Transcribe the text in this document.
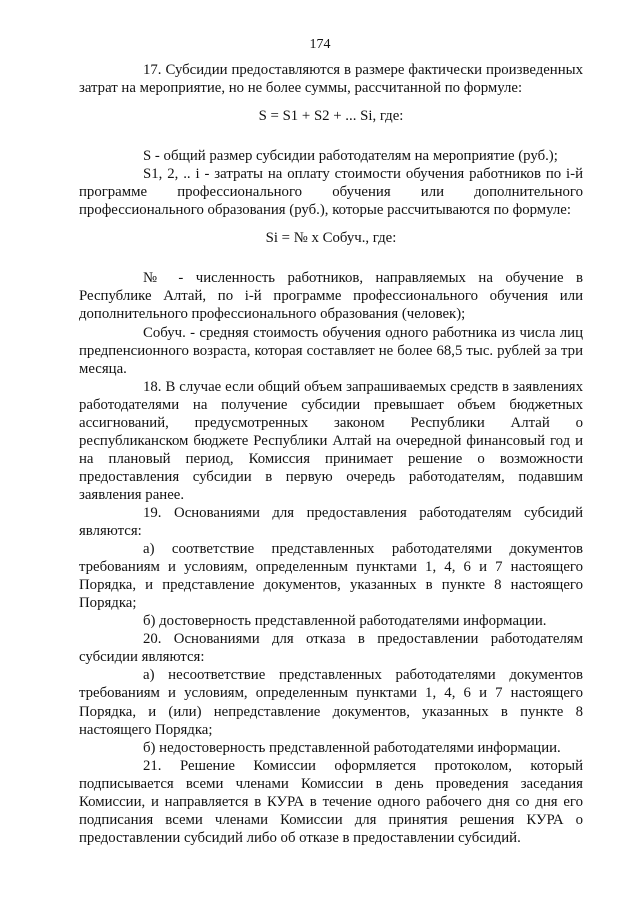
174

17. Субсидии предоставляются в размере фактически произведенных затрат на мероприятие, но не более суммы, рассчитанной по формуле:

S = S1 + S2 + ... Si, где:

S - общий размер субсидии работодателям на мероприятие (руб.);

S1, 2, .. i - затраты на оплату стоимости обучения работников по i-й программе профессионального обучения или дополнительного профессионального образования (руб.), которые рассчитываются по формуле:

Si = № x Собуч., где:

№ - численность работников, направляемых на обучение в Республике Алтай, по i-й программе профессионального обучения или дополнительного профессионального образования (человек);

Собуч. - средняя стоимость обучения одного работника из числа лиц предпенсионного возраста, которая составляет не более 68,5 тыс. рублей за три месяца.

18. В случае если общий объем запрашиваемых средств в заявлениях работодателями на получение субсидии превышает объем бюджетных ассигнований, предусмотренных законом Республики Алтай о республиканском бюджете Республики Алтай на очередной финансовый год и на плановый период, Комиссия принимает решение о возможности предоставления субсидии в первую очередь работодателям, подавшим заявления ранее.

19. Основаниями для предоставления работодателям субсидий являются:

а) соответствие представленных работодателями документов требованиям и условиям, определенным пунктами 1, 4, 6 и 7 настоящего Порядка, и представление документов, указанных в пункте 8 настоящего Порядка;

б) достоверность представленной работодателями информации.

20. Основаниями для отказа в предоставлении работодателям субсидии являются:

а) несоответствие представленных работодателями документов требованиям и условиям, определенным пунктами 1, 4, 6 и 7 настоящего Порядка, и (или) непредставление документов, указанных в пункте 8 настоящего Порядка;

б) недостоверность представленной работодателями информации.

21. Решение Комиссии оформляется протоколом, который подписывается всеми членами Комиссии в день проведения заседания Комиссии, и направляется в КУРА в течение одного рабочего дня со дня его подписания всеми членами Комиссии для принятия решения КУРА о предоставлении субсидий либо об отказе в предоставлении субсидий.
